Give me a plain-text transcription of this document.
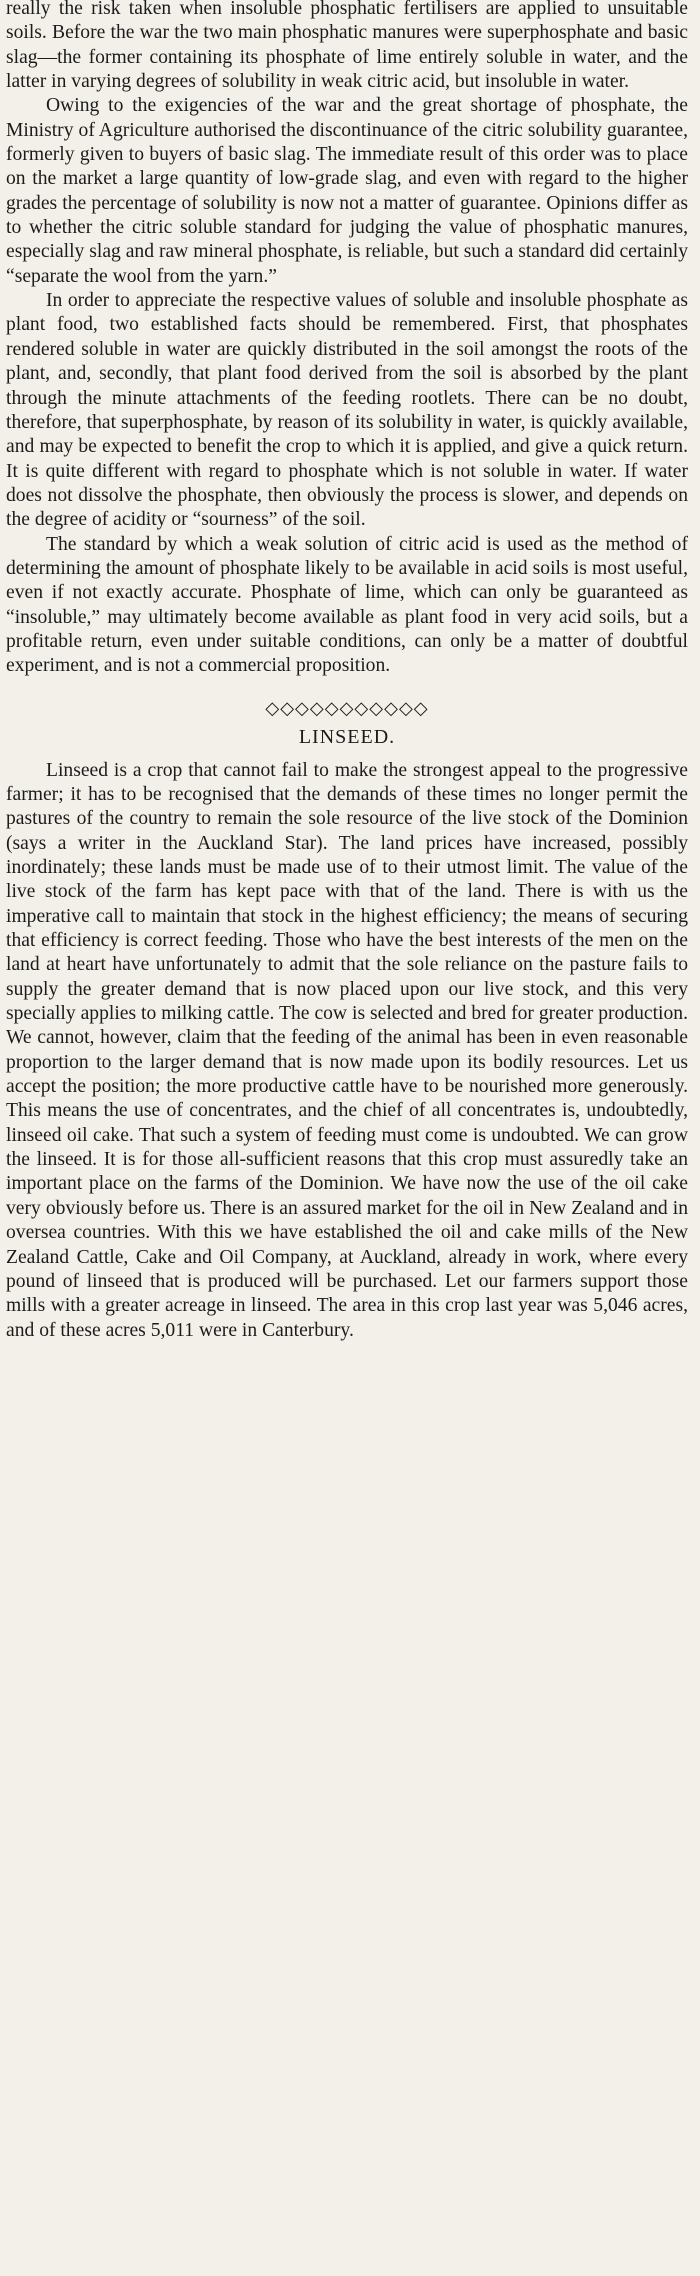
really the risk taken when insoluble phosphatic fertilisers are applied to unsuitable soils. Before the war the two main phosphatic manures were superphosphate and basic slag—the former containing its phosphate of lime entirely soluble in water, and the latter in varying degrees of solubility in weak citric acid, but insoluble in water.

Owing to the exigencies of the war and the great shortage of phosphate, the Ministry of Agriculture authorised the discontinuance of the citric solubility guarantee, formerly given to buyers of basic slag. The immediate result of this order was to place on the market a large quantity of low-grade slag, and even with regard to the higher grades the percentage of solubility is now not a matter of guarantee. Opinions differ as to whether the citric soluble standard for judging the value of phosphatic manures, especially slag and raw mineral phosphate, is reliable, but such a standard did certainly “separate the wool from the yarn.”

In order to appreciate the respective values of soluble and insoluble phosphate as plant food, two established facts should be remembered. First, that phosphates rendered soluble in water are quickly distributed in the soil amongst the roots of the plant, and, secondly, that plant food derived from the soil is absorbed by the plant through the minute attachments of the feeding rootlets. There can be no doubt, therefore, that superphosphate, by reason of its solubility in water, is quickly available, and may be expected to benefit the crop to which it is applied, and give a quick return. It is quite different with regard to phosphate which is not soluble in water. If water does not dissolve the phosphate, then obviously the process is slower, and depends on the degree of acidity or “sourness” of the soil.

The standard by which a weak solution of citric acid is used as the method of determining the amount of phosphate likely to be available in acid soils is most useful, even if not exactly accurate. Phosphate of lime, which can only be guaranteed as “insoluble,” may ultimately become available as plant food in very acid soils, but a profitable return, even under suitable conditions, can only be a matter of doubtful experiment, and is not a commercial proposition.

◇◇◇◇◇◇◇◇◇◇◇
LINSEED.

Linseed is a crop that cannot fail to make the strongest appeal to the progressive farmer; it has to be recognised that the demands of these times no longer permit the pastures of the country to remain the sole resource of the live stock of the Dominion (says a writer in the Auckland Star). The land prices have increased, possibly inordinately; these lands must be made use of to their utmost limit. The value of the live stock of the farm has kept pace with that of the land. There is with us the imperative call to maintain that stock in the highest efficiency; the means of securing that efficiency is correct feeding. Those who have the best interests of the men on the land at heart have unfortunately to admit that the sole reliance on the pasture fails to supply the greater demand that is now placed upon our live stock, and this very specially applies to milking cattle. The cow is selected and bred for greater production. We cannot, however, claim that the feeding of the animal has been in even reasonable proportion to the larger demand that is now made upon its bodily resources. Let us accept the position; the more productive cattle have to be nourished more generously. This means the use of concentrates, and the chief of all concentrates is, undoubtedly, linseed oil cake. That such a system of feeding must come is undoubted. We can grow the linseed. It is for those all-sufficient reasons that this crop must assuredly take an important place on the farms of the Dominion. We have now the use of the oil cake very obviously before us. There is an assured market for the oil in New Zealand and in oversea countries. With this we have established the oil and cake mills of the New Zealand Cattle, Cake and Oil Company, at Auckland, already in work, where every pound of linseed that is produced will be purchased. Let our farmers support those mills with a greater acreage in linseed. The area in this crop last year was 5,046 acres, and of these acres 5,011 were in Canterbury.
